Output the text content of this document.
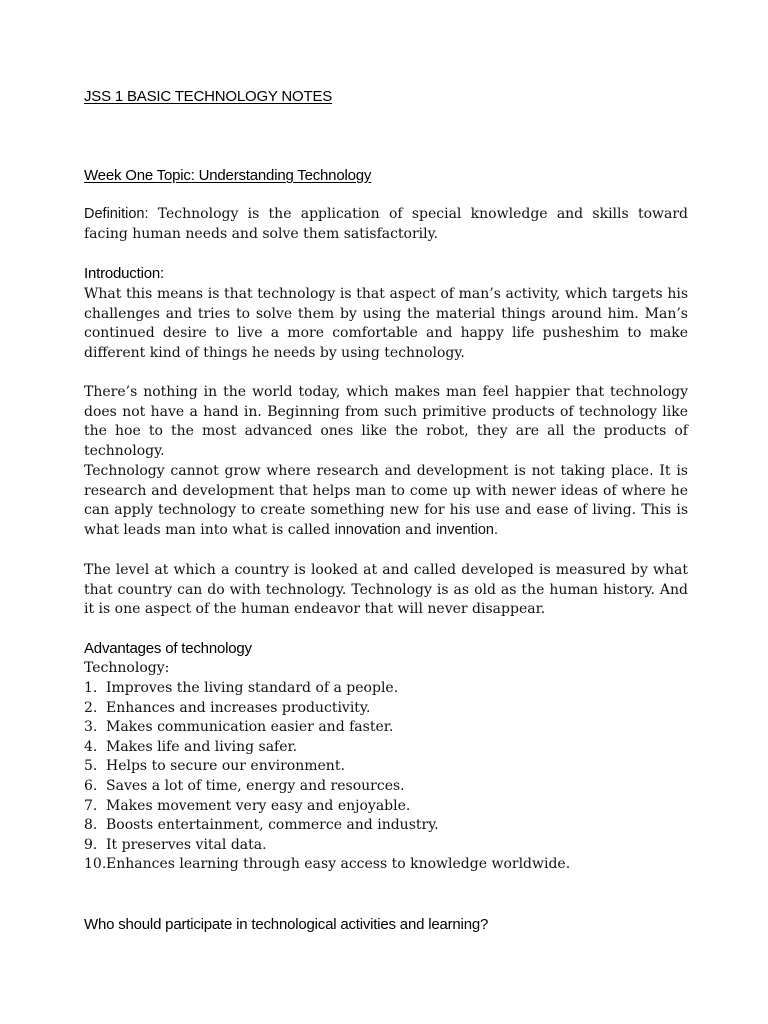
JSS 1 BASIC TECHNOLOGY NOTES
Week One Topic: Understanding Technology

Definition: Technology is the application of special knowledge and skills toward facing human needs and solve them satisfactorily.

Introduction:

What this means is that technology is that aspect of man’s activity, which targets his challenges and tries to solve them by using the material things around him. Man’s continued desire to live a more comfortable and happy life pusheshim to make different kind of things he needs by using technology.

There’s nothing in the world today, which makes man feel happier that technology does not have a hand in. Beginning from such primitive products of technology like the hoe to the most advanced ones like the robot, they are all the products of technology.

Technology cannot grow where research and development is not taking place. It is research and development that helps man to come up with newer ideas of where he can apply technology to create something new for his use and ease of living. This is what leads man into what is called innovation and invention.

The level at which a country is looked at and called developed is measured by what that country can do with technology. Technology is as old as the human history. And it is one aspect of the human endeavor that will never disappear.

Advantages of technology

Technology:

1. Improves the living standard of a people.
2. Enhances and increases productivity.
3. Makes communication easier and faster.
4. Makes life and living safer.
5. Helps to secure our environment.
6. Saves a lot of time, energy and resources.
7. Makes movement very easy and enjoyable.
8. Boosts entertainment, commerce and industry.
9. It preserves vital data.
10.Enhances learning through easy access to knowledge worldwide.
Who should participate in technological activities and learning?
